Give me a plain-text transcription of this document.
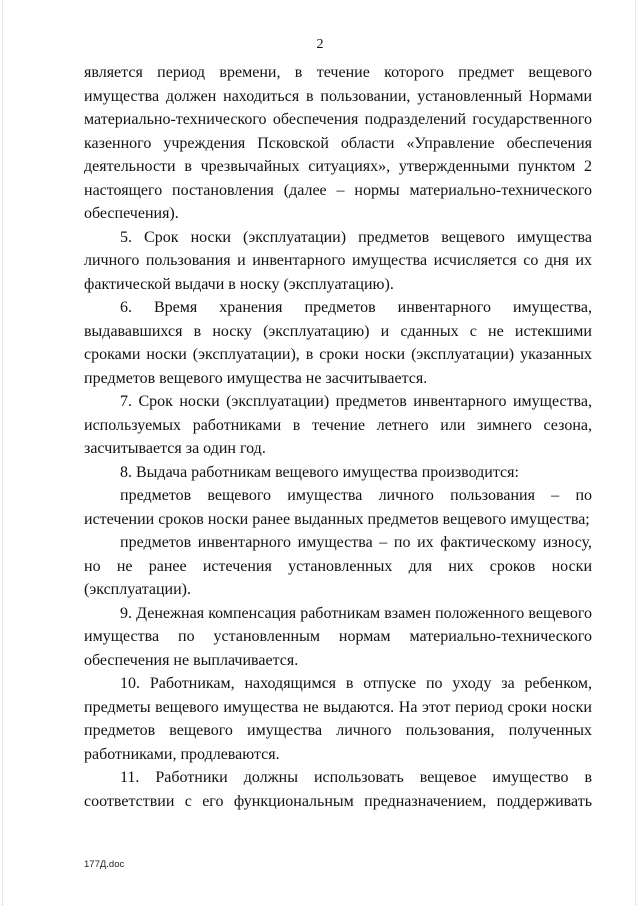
2

является период времени, в течение которого предмет вещевого имущества должен находиться в пользовании, установленный Нормами материально-технического обеспечения подразделений государственного казенного учреждения Псковской области «Управление обеспечения деятельности в чрезвычайных ситуациях», утвержденными пунктом 2 настоящего постановления (далее – нормы материально-технического обеспечения).

5. Срок носки (эксплуатации) предметов вещевого имущества личного пользования и инвентарного имущества исчисляется со дня их фактической выдачи в носку (эксплуатацию).

6. Время хранения предметов инвентарного имущества, выдававшихся в носку (эксплуатацию) и сданных с не истекшими сроками носки (эксплуатации), в сроки носки (эксплуатации) указанных предметов вещевого имущества не засчитывается.

7. Срок носки (эксплуатации) предметов инвентарного имущества, используемых работниками в течение летнего или зимнего сезона, засчитывается за один год.

8. Выдача работникам вещевого имущества производится:

предметов вещевого имущества личного пользования – по истечении сроков носки ранее выданных предметов вещевого имущества;

предметов инвентарного имущества – по их фактическому износу, но не ранее истечения установленных для них сроков носки (эксплуатации).

9. Денежная компенсация работникам взамен положенного вещевого имущества по установленным нормам материально-технического обеспечения не выплачивается.

10. Работникам, находящимся в отпуске по уходу за ребенком, предметы вещевого имущества не выдаются. На этот период сроки носки предметов вещевого имущества личного пользования, полученных работниками, продлеваются.

11. Работники должны использовать вещевое имущество в соответствии с его функциональным предназначением, поддерживать

177Д.doc
